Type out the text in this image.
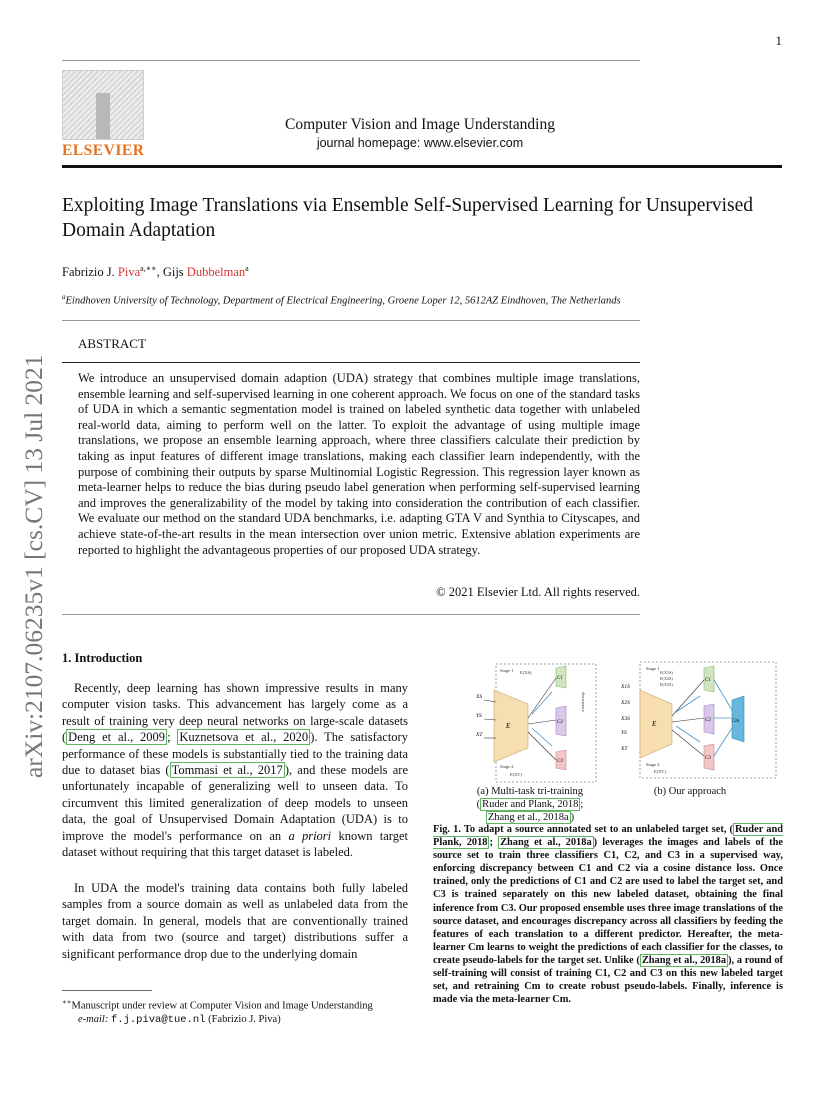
1
arXiv:2107.06235v1 [cs.CV] 13 Jul 2021
ELSEVIER
Computer Vision and Image Understanding
journal homepage: www.elsevier.com
Exploiting Image Translations via Ensemble Self-Supervised Learning for Unsupervised Domain Adaptation
Fabrizio J. Piva$^{a,∗∗}$, Gijs Dubbelman$^a$
$^a$Eindhoven University of Technology, Department of Electrical Engineering, Groene Loper 12, 5612AZ Eindhoven, The Netherlands
ABSTRACT
We introduce an unsupervised domain adaption (UDA) strategy that combines multiple image translations, ensemble learning and self-supervised learning in one coherent approach. We focus on one of the standard tasks of UDA in which a semantic segmentation model is trained on labeled synthetic data together with unlabeled real-world data, aiming to perform well on the latter. To exploit the advantage of using multiple image translations, we propose an ensemble learning approach, where three classifiers calculate their prediction by taking as input features of different image translations, making each classifier learn independently, with the purpose of combining their outputs by sparse Multinomial Logistic Regression. This regression layer known as meta-learner helps to reduce the bias during pseudo label generation when performing self-supervised learning and improves the generalizability of the model by taking into consideration the contribution of each classifier. We evaluate our method on the standard UDA benchmarks, i.e. adapting GTA V and Synthia to Cityscapes, and achieve state-of-the-art results in the mean intersection over union metric. Extensive ablation experiments are reported to highlight the advantageous properties of our proposed UDA strategy.
© 2021 Elsevier Ltd. All rights reserved.
1. Introduction
Recently, deep learning has shown impressive results in many computer vision tasks. This advancement has largely come as a result of training very deep neural networks on large-scale datasets ( Deng et al., 2009 ; Kuznetsova et al., 2020 ). The satisfactory performance of these models is substantially tied to the training data due to dataset bias ( Tommasi et al., 2017 ), and these models are unfortunately incapable of generalizing well to unseen data. To circumvent this limited generalization of deep models to unseen data, the goal of Unsupervised Domain Adaptation (UDA) is to improve the model's performance on an a priori known target dataset without requiring that this target dataset is labeled.
In UDA the model's training data contains both fully labeled samples from a source domain as well as unlabeled data from the target domain. In general, models that are conventionally trained with data from two (source and target) distributions suffer a significant performance drop due to the underlying domain
∗∗Manuscript under review at Computer Vision and Image Understanding
e-mail: f.j.piva@tue.nl (Fabrizio J. Piva)
Stage 1 E(XS)
E
XS
YS
XT
C1
C2
C3
discrepancy
Stage 2
E(XT)
(a) Multi-task tri-training
( Ruder and Plank, 2018 ;
Zhang et al., 2018a )
Stage 1
E(X1S)
E(X2S)
E(X3S)
X1S
X2S
X3S
YS
XT
E
C1
C2
C3
Cm
Stage 2
E(XT)
(b) Our approach
Fig. 1. To adapt a source annotated set to an unlabeled target set, ( Ruder and Plank, 2018 ; Zhang et al., 2018a ) leverages the images and labels of the source set to train three classifiers C1, C2, and C3 in a supervised way, enforcing discrepancy between C1 and C2 via a cosine distance loss. Once trained, only the predictions of C1 and C2 are used to label the target set, and C3 is trained separately on this new labeled dataset, obtaining the final inference from C3. Our proposed ensemble uses three image translations of the source dataset, and encourages discrepancy across all classifiers by feeding the features of each translation to a different predictor. Hereafter, the meta-learner Cm learns to weight the predictions of each classifier for the classes, to create pseudo-labels for the target set. Unlike ( Zhang et al., 2018a ), a round of self-training will consist of training C1, C2 and C3 on this new labeled target set, and retraining Cm to create robust pseudo-labels. Finally, inference is made via the meta-learner Cm.
